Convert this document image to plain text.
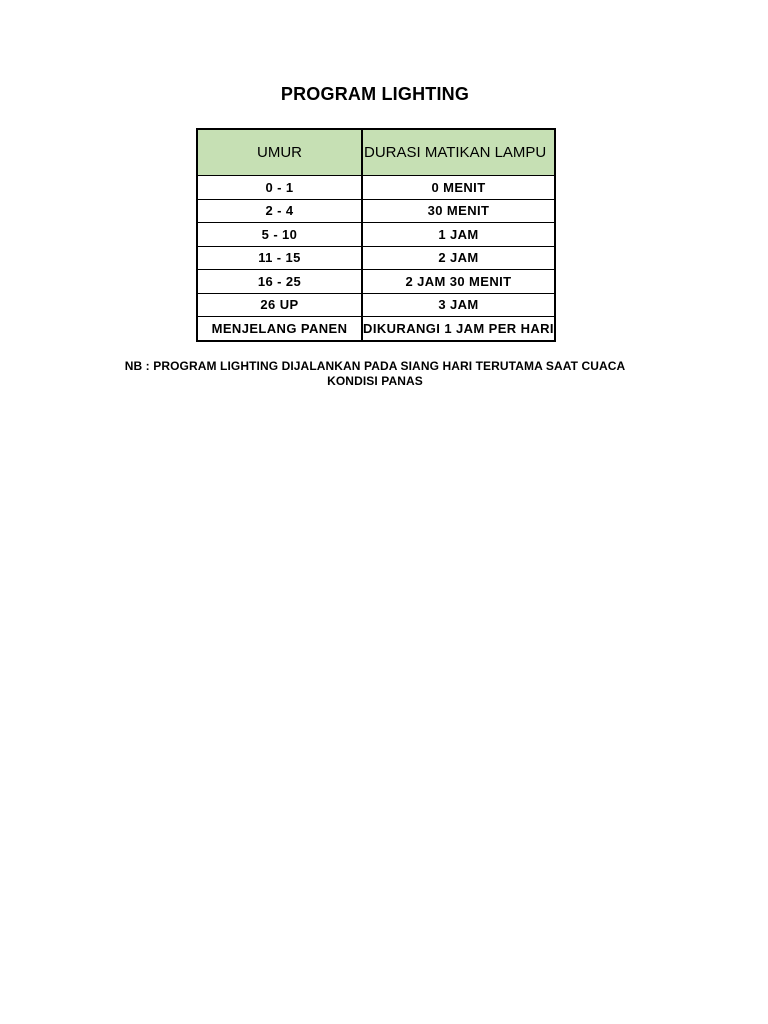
PROGRAM LIGHTING
UMUR	DURASI MATIKAN LAMPU
0 - 1	0 MENIT
2 - 4	30 MENIT
5 - 10	1 JAM
11 - 15	2 JAM
16 - 25	2 JAM 30 MENIT
26 UP	3 JAM
MENJELANG PANEN	DIKURANGI 1 JAM PER HARI
NB : PROGRAM LIGHTING DIJALANKAN PADA SIANG HARI TERUTAMA SAAT CUACA
KONDISI PANAS
